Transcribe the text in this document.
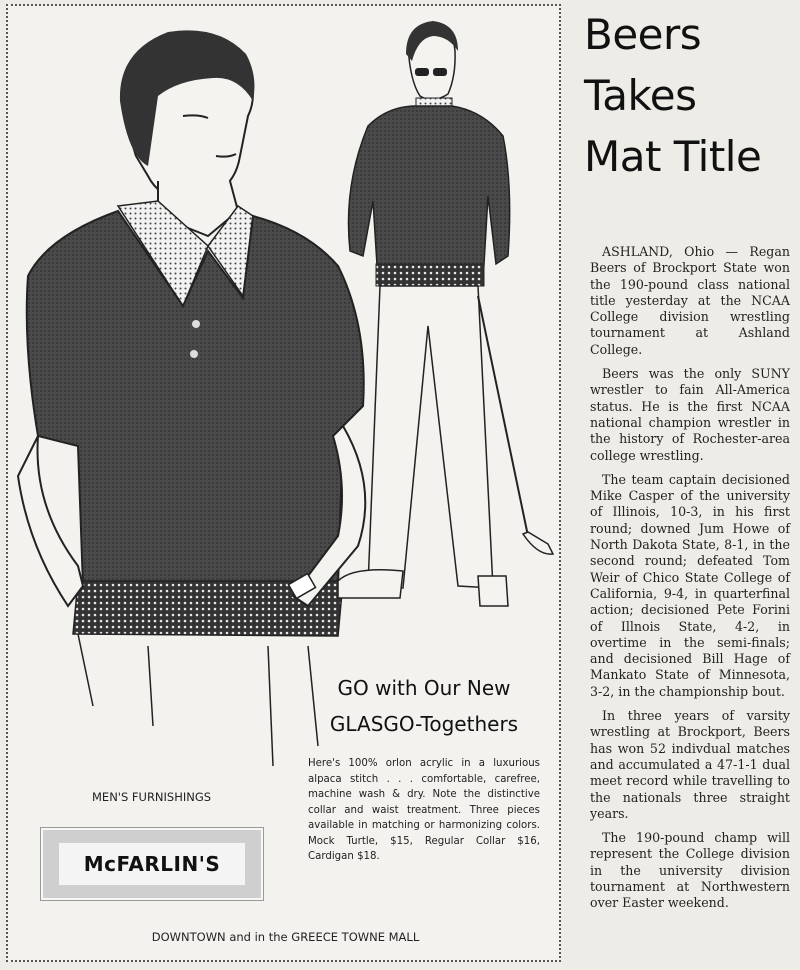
GO with Our New
GLASGO-Togethers
Here's 100% orlon acrylic in a luxurious alpaca stitch . . . comfortable, carefree, machine wash & dry. Note the distinctive collar and waist treatment. Three pieces available in matching or harmonizing colors. Mock Turtle, $15, Regular Collar $16, Cardigan $18.
MEN'S FURNISHINGS
McFARLIN'S
DOWNTOWN and in the GREECE TOWNE MALL
Beers
Takes
Mat Title

ASHLAND, Ohio — Regan Beers of Brockport State won the 190-pound class national title yesterday at the NCAA College division wrestling tournament at Ashland College.

Beers was the only SUNY wrestler to fain All-America status. He is the first NCAA national champion wrestler in the history of Rochester-area college wrestling.

The team captain decisioned Mike Casper of the university of Illinois, 10-3, in his first round; downed Jum Howe of North Dakota State, 8-1, in the second round; defeated Tom Weir of Chico State College of California, 9-4, in quarterfinal action; decisioned Pete Forini of Illnois State, 4-2, in overtime in the semi-finals; and decisioned Bill Hage of Mankato State of Minnesota, 3-2, in the championship bout.

In three years of varsity wrestling at Brockport, Beers has won 52 indivdual matches and accumulated a 47-1-1 dual meet record while travelling to the nationals three straight years.

The 190-pound champ will represent the College division in the university division tournament at Northwestern over Easter weekend.
